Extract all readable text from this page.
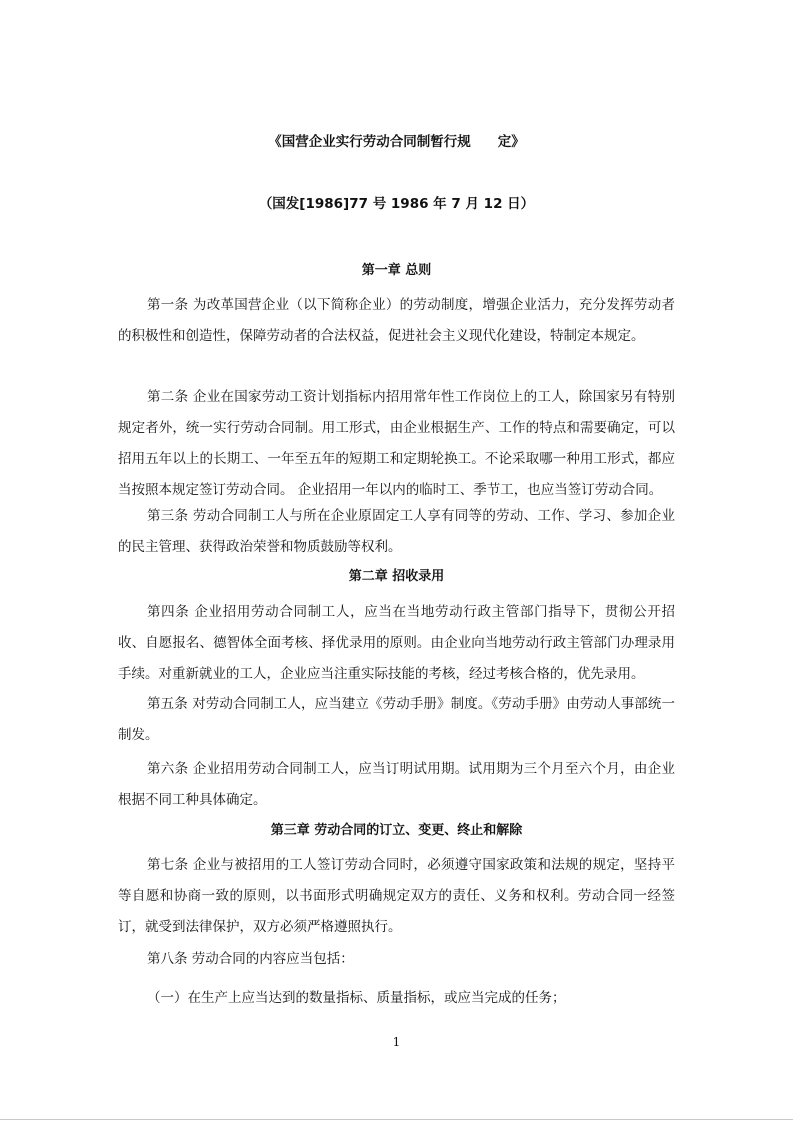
《国营企业实行劳动合同制暂行规　　定》
（国发[1986]77 号 1986 年 7 月 12 日）
第一章 总则
第一条 为改革国营企业（以下简称企业）的劳动制度，增强企业活力，充分发挥劳动者的积极性和创造性，保障劳动者的合法权益，促进社会主义现代化建设，特制定本规定。
第二条 企业在国家劳动工资计划指标内招用常年性工作岗位上的工人，除国家另有特别规定者外，统一实行劳动合同制。用工形式，由企业根据生产、工作的特点和需要确定，可以招用五年以上的长期工、一年至五年的短期工和定期轮换工。不论采取哪一种用工形式，都应当按照本规定签订劳动合同。 企业招用一年以内的临时工、季节工，也应当签订劳动合同。
第三条 劳动合同制工人与所在企业原固定工人享有同等的劳动、工作、学习、参加企业的民主管理、获得政治荣誉和物质鼓励等权利。
第二章 招收录用
第四条 企业招用劳动合同制工人，应当在当地劳动行政主管部门指导下，贯彻公开招收、自愿报名、德智体全面考核、择优录用的原则。由企业向当地劳动行政主管部门办理录用手续。对重新就业的工人，企业应当注重实际技能的考核，经过考核合格的，优先录用。
第五条 对劳动合同制工人，应当建立《劳动手册》制度。《劳动手册》由劳动人事部统一制发。
第六条 企业招用劳动合同制工人，应当订明试用期。试用期为三个月至六个月，由企业根据不同工种具体确定。
第三章 劳动合同的订立、变更、终止和解除
第七条 企业与被招用的工人签订劳动合同时，必须遵守国家政策和法规的规定，坚持平等自愿和协商一致的原则，以书面形式明确规定双方的责任、义务和权利。劳动合同一经签订，就受到法律保护，双方必须严格遵照执行。
第八条 劳动合同的内容应当包括：
（一）在生产上应当达到的数量指标、质量指标，或应当完成的任务；
1
